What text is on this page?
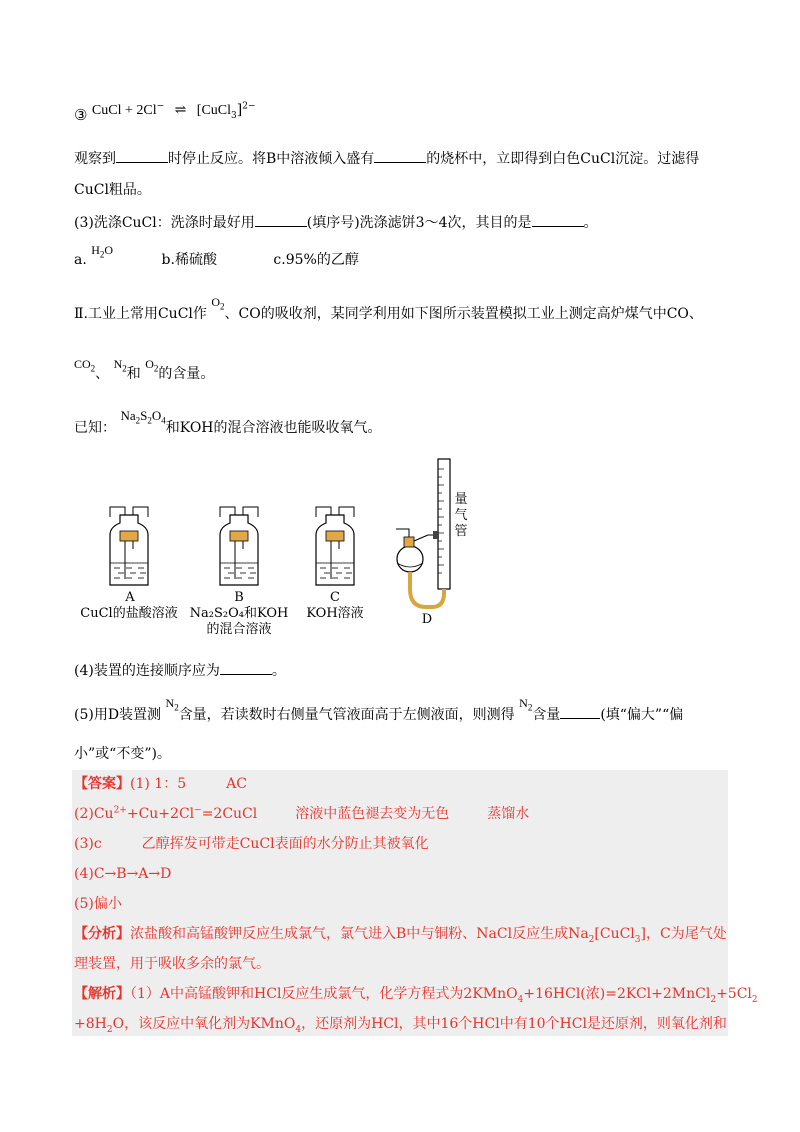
③ CuCl + 2Cl− ⇌ [CuCl$_3$]$^{2-}$
观察到	时停止反应。将B中溶液倾入盛有	的烧杯中，立即得到白色CuCl沉淀。过滤得
CuCl粗品。
(3)洗涤CuCl：洗涤时最好用	(填序号)洗涤滤饼3～4次，其目的是	。
a. $H_2O$ b.稀硫酸	c.95%的乙醇
Ⅱ.工业上常用CuCl作 $O_2$、CO的吸收剂，某同学利用如下图所示装置模拟工业上测定高炉煤气中CO、
$CO_2$、 $N_2$和 $O_2$的含量。
已知： $Na_2S_2O_4$和KOH的混合溶液也能吸收氧气。
A
CuCl的盐酸溶液
B
Na₂S₂O₄和KOH
的混合溶液
C
KOH溶液	D
量气管
(4)装置的连接顺序应为	。
(5)用D装置测 $N_2$含量，若读数时右侧量气管液面高于左侧液面，则测得 $N_2$含量	(填“偏大”“偏
小”或“不变”)。
【答案】(1) 1：5	AC
$(2)Cu^{2+}+Cu+2Cl^-=2CuCl$	溶液中蓝色褪去变为无色	蒸馏水
(3)c	乙醇挥发可带走CuCl表面的水分防止其被氧化
(4)C→B→A→D
(5)偏小
【分析】浓盐酸和高锰酸钾反应生成氯气，氯气进入B中与铜粉、NaCl反应生成$Na_2[CuCl_3]$，C为尾气处
理装置，用于吸收多余的氯气。
【解析】（1）A中高锰酸钾和HCl反应生成氯气，化学方程式为2KMnO$_4$+16HCl(浓)$=2KCl+2MnCl_2+5Cl_2$
$+8H_2O$，该反应中氧化剂为KMnO$_4$，还原剂为HCl，其中16个HCl中有10个HCl是还原剂，则氧化剂和
